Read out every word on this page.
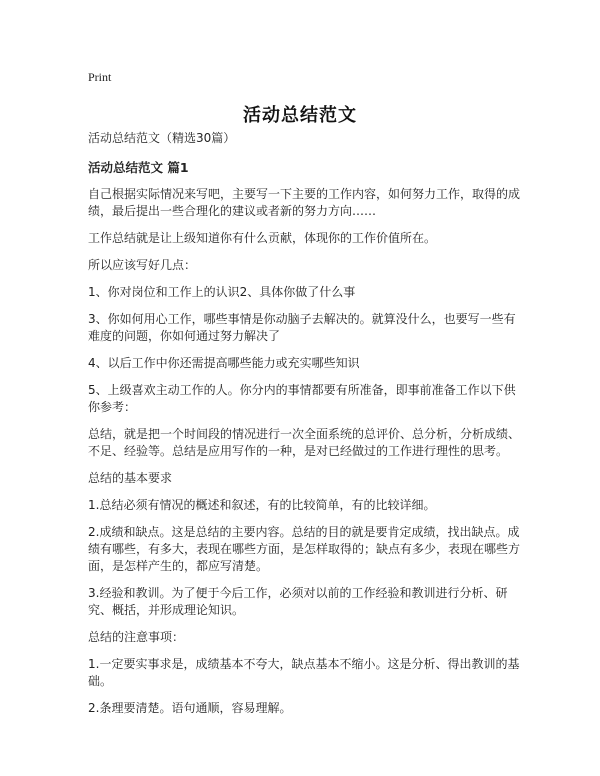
Print
活动总结范文

活动总结范文（精选30篇）

活动总结范文 篇1

自己根据实际情况来写吧，主要写一下主要的工作内容，如何努力工作，取得的成绩，最后提出一些合理化的建议或者新的努力方向……

工作总结就是让上级知道你有什么贡献，体现你的工作价值所在。

所以应该写好几点：

1、你对岗位和工作上的认识2、具体你做了什么事

3、你如何用心工作，哪些事情是你动脑子去解决的。就算没什么，也要写一些有难度的问题，你如何通过努力解决了

4、以后工作中你还需提高哪些能力或充实哪些知识

5、上级喜欢主动工作的人。你分内的事情都要有所准备，即事前准备工作以下供你参考：

总结，就是把一个时间段的情况进行一次全面系统的总评价、总分析，分析成绩、不足、经验等。总结是应用写作的一种，是对已经做过的工作进行理性的思考。

总结的基本要求

1.总结必须有情况的概述和叙述，有的比较简单，有的比较详细。

2.成绩和缺点。这是总结的主要内容。总结的目的就是要肯定成绩，找出缺点。成绩有哪些，有多大，表现在哪些方面，是怎样取得的；缺点有多少，表现在哪些方面，是怎样产生的，都应写清楚。

3.经验和教训。为了便于今后工作，必须对以前的工作经验和教训进行分析、研究、概括，并形成理论知识。

总结的注意事项：

1.一定要实事求是，成绩基本不夸大，缺点基本不缩小。这是分析、得出教训的基础。

2.条理要清楚。语句通顺，容易理解。
